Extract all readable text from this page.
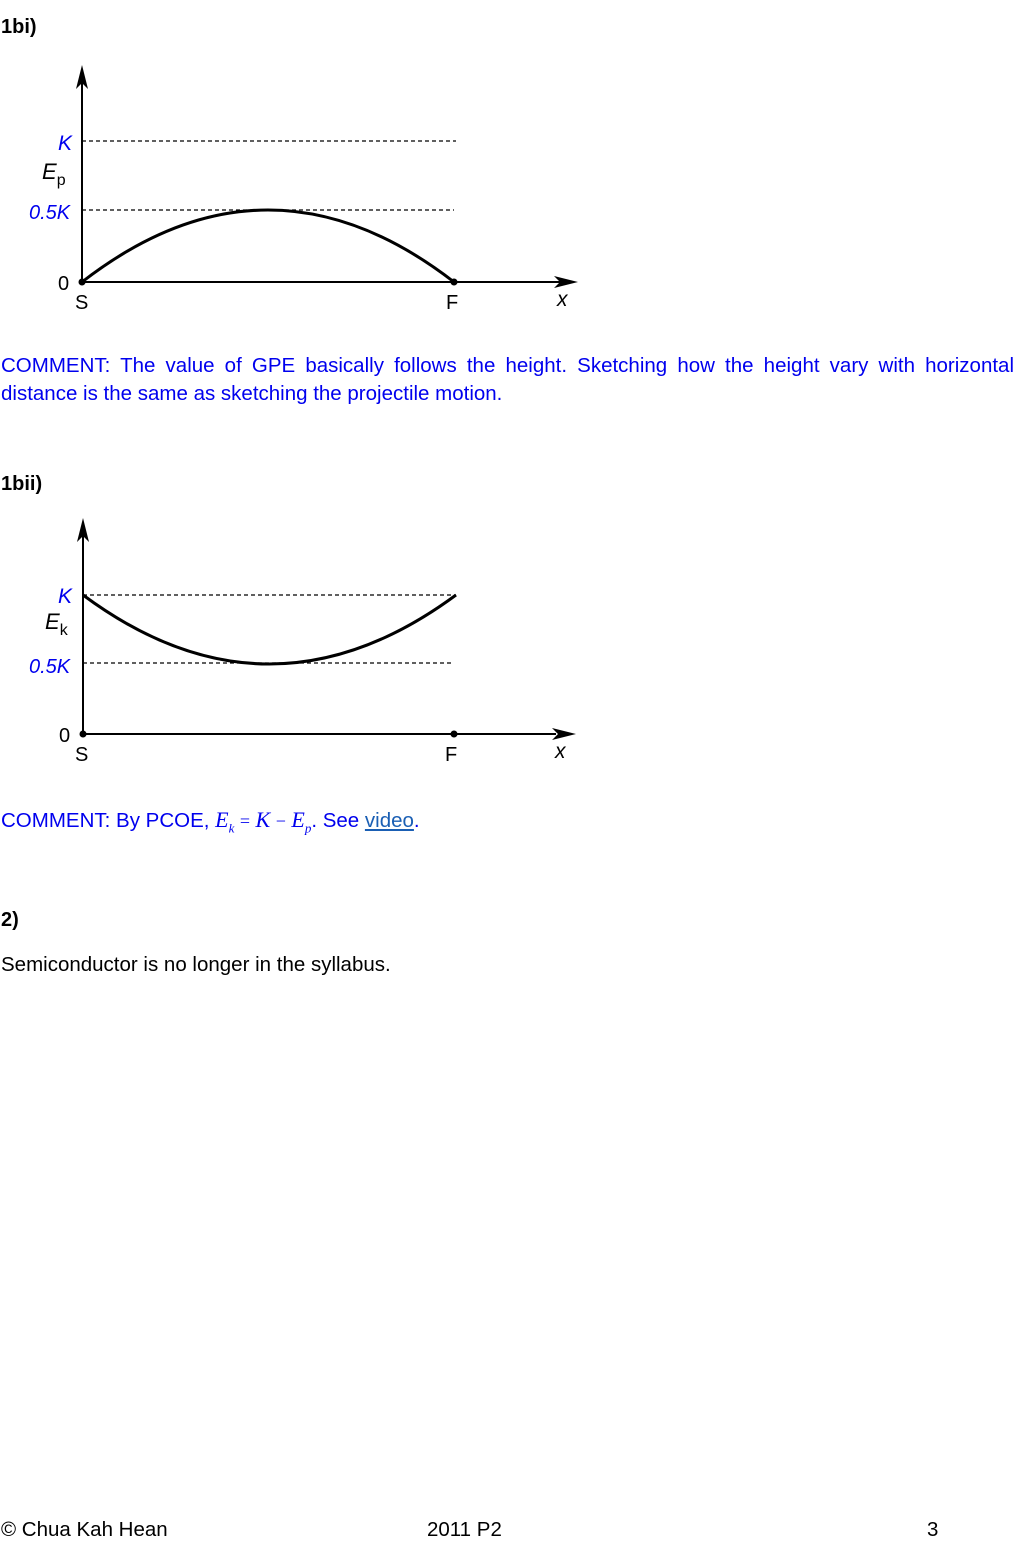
1bi)
K
$E_p$
0.5K
0
S	F	x
COMMENT: The value of GPE basically follows the height. Sketching how the height vary with horizontal distance is the same as sketching the projectile motion.
1bii)
K
$E_k$
0.5K
0
S	F	x
COMMENT: By PCOE, $E_k = K - E_p$. See video.
2)
Semiconductor is no longer in the syllabus.
© Chua Kah Hean	2011 P2	3
